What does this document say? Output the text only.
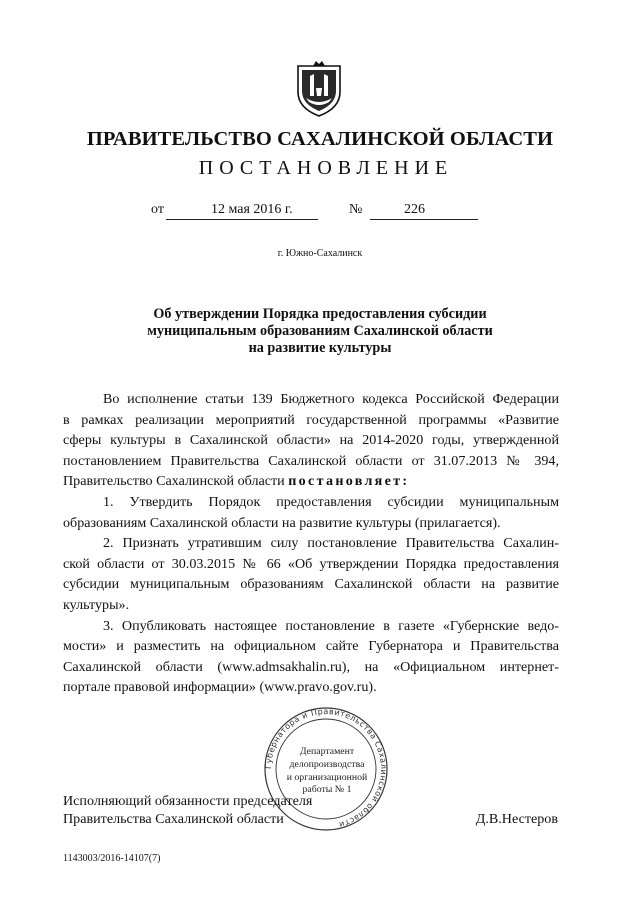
ПРАВИТЕЛЬСТВО САХАЛИНСКОЙ ОБЛАСТИ
ПОСТАНОВЛЕНИЕ
от	12 мая 2016 г.	№	226
г. Южно-Сахалинск
Об утверждении Порядка предоставления субсидии
муниципальным образованиям Сахалинской области
на развитие культуры

Во исполнение статьи 139 Бюджетного кодекса Российской Федерации

в рамках реализации мероприятий государственной программы «Развитие

сферы культуры в Сахалинской области» на 2014-2020 годы, утвержденной

постановлением Правительства Сахалинской области от 31.07.2013 № 394,

Правительство Сахалинской области постановляет:

1. Утвердить Порядок предоставления субсидии муниципальным

образованиям Сахалинской области на развитие культуры (прилагается).

2. Признать утратившим силу постановление Правительства Сахалин-

ской области от 30.03.2015 № 66 «Об утверждении Порядка предоставления

субсидии муниципальным образованиям Сахалинской области на развитие

культуры».

3. Опубликовать настоящее постановление в газете «Губернские ведо-

мости» и разместить на официальном сайте Губернатора и Правительства

Сахалинской области (www.admsakhalin.ru), на «Официальном интернет-

портале правовой информации» (www.pravo.gov.ru).

Губернатора и Правительства Сахалинской области
Департамент
делопроизводства
и организационной
работы № 1
Исполняющий обязанности председателя
Правительства Сахалинской области	Д.В.Нестеров
1143003/2016-14107(7)
